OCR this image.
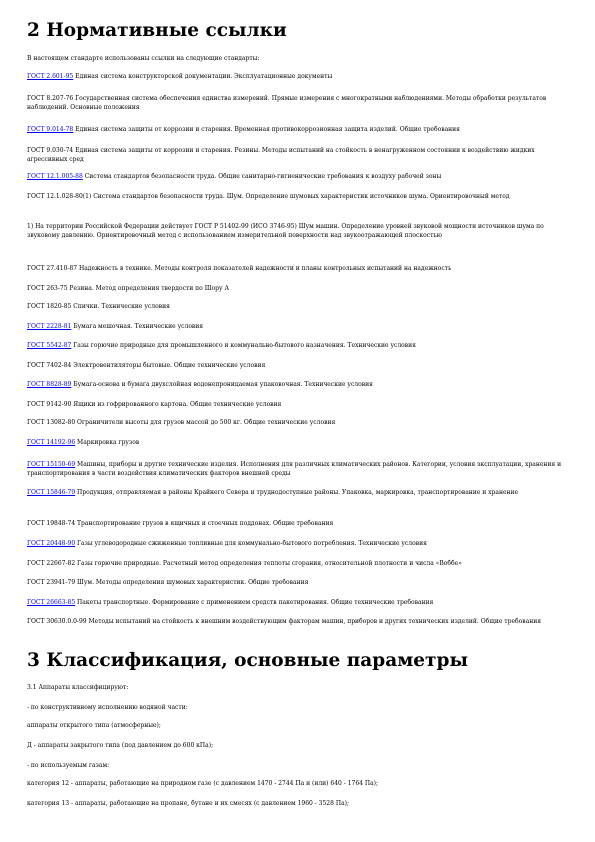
2 Нормативные ссылки

В настоящем стандарте использованы ссылки на следующие стандарты:

ГОСТ 2.601-95 Единая система конструкторской документации. Эксплуатационные документы

ГОСТ 8.207-76 Государственная система обеспечения единства измерений. Прямые измерения с многократными наблюдениями. Методы обработки результатов наблюдений. Основные положения

ГОСТ 9.014-78 Единая система защиты от коррозии и старения. Временная противокоррозионная защита изделий. Общие требования

ГОСТ 9.030-74 Единая система защиты от коррозии и старения. Резины. Методы испытаний на стойкость в ненагруженном состоянии к воздействию жидких агрессивных сред

ГОСТ 12.1.005-88 Система стандартов безопасности труда. Общие санитарно-гигиенические требования к воздуху рабочей зоны

ГОСТ 12.1.028-80(1) Система стандартов безопасности труда. Шум. Определение шумовых характеристик источников шума. Ориентировочный метод

1) На территории Российской Федерации действует ГОСТ Р 51402-99 (ИСО 3746-95) Шум машин. Определение уровней звуковой мощности источников шума по звуковому давлению. Ориентировочный метод с использованием измерительной поверхности над звукоотражающей плоскостью

ГОСТ 27.410-87 Надежность в технике. Методы контроля показателей надежности и планы контрольных испытаний на надежность

ГОСТ 263-75 Резина. Метод определения твердости по Шору А

ГОСТ 1820-85 Спички. Технические условия

ГОСТ 2228-81 Бумага мешочная. Технические условия

ГОСТ 5542-87 Газы горючие природные для промышленного и коммунально-бытового назначения. Технические условия

ГОСТ 7402-84 Электровентиляторы бытовые. Общие технические условия

ГОСТ 8828-89 Бумага-основа и бумага двухслойная водонепроницаемая упаковочная. Технические условия

ГОСТ 9142-90 Ящики из гофрированного картона. Общие технические условия

ГОСТ 13082-80 Ограничители высоты для грузов массой до 500 кг. Общие технические условия

ГОСТ 14192-96 Маркировка грузов

ГОСТ 15150-69 Машины, приборы и другие технические изделия. Исполнения для различных климатических районов. Категории, условия эксплуатации, хранения и транспортирования в части воздействия климатических факторов внешней среды

ГОСТ 15846-79 Продукция, отправляемая в районы Крайнего Севера и труднодоступные районы. Упаковка, маркировка, транспортирование и хранение

ГОСТ 19848-74 Транспортирование грузов в ящичных и стоечных поддонах. Общие требования

ГОСТ 20448-90 Газы углеводородные сжиженные топливные для коммунально-бытового потребления. Технические условия

ГОСТ 22667-82 Газы горючие природные. Расчетный метод определения теплоты сгорания, относительной плотности и числа «Воббе»

ГОСТ 23941-79 Шум. Методы определения шумовых характеристик. Общие требования

ГОСТ 26663-85 Пакеты транспортные. Формирование с применением средств пакетирования. Общие технические требования

ГОСТ 30630.0.0-99 Методы испытаний на стойкость к внешним воздействующим факторам машин, приборов и других технических изделий. Общие требования

3 Классификация, основные параметры

3.1 Аппараты классифицируют:

- по конструктивному исполнению водяной части:

аппараты открытого типа (атмосферные);

Д - аппараты закрытого типа (под давлением до 600 кПа);

- по используемым газам:

категория 12 - аппараты, работающие на природном газе (с давлением 1470 - 2744 Па и (или) 640 - 1764 Па);

категория 13 - аппараты, работающие на пропане, бутане и их смесях (с давлением 1960 - 3528 Па);
